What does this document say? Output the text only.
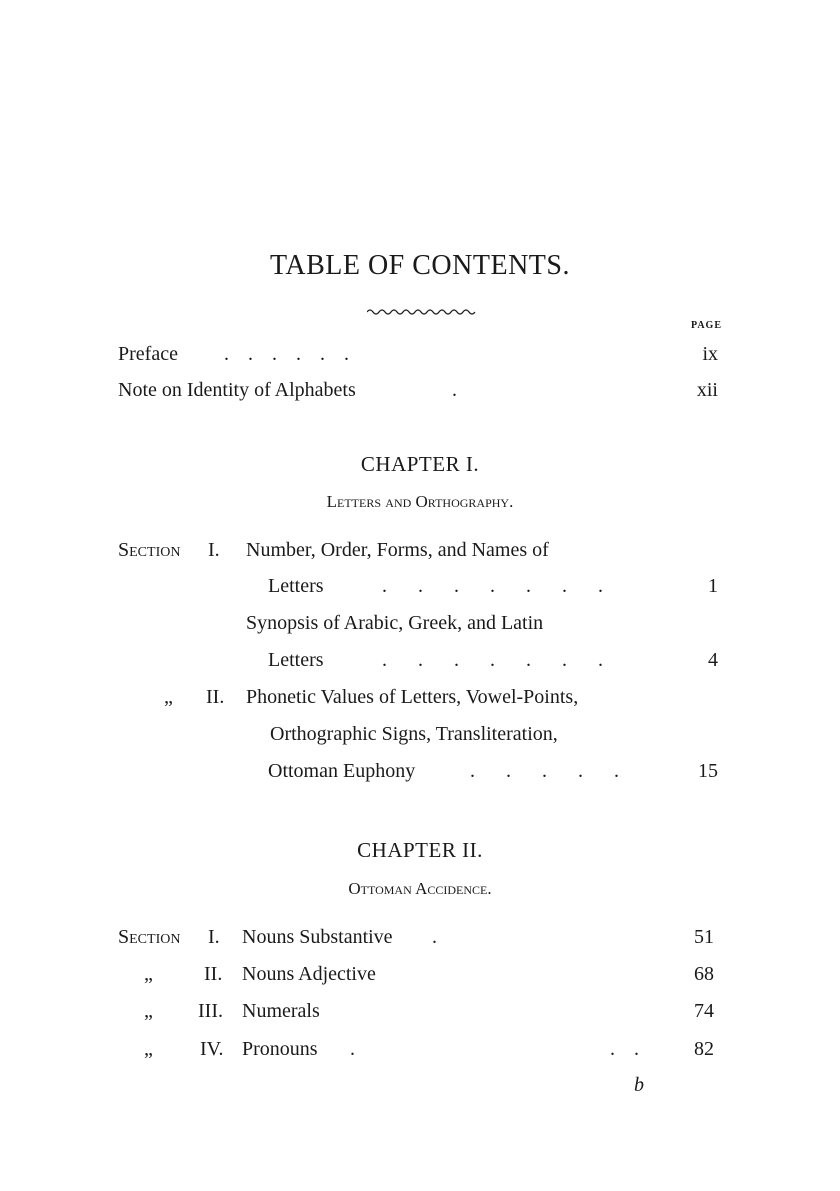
TABLE OF CONTENTS.
PAGE
Preface . . . . . .	ix
Note on Identity of Alphabets	.	xii
CHAPTER I.
Letters and Orthography.
Section I. Number, Order, Forms, and Names of
Letters	. . . . . . .	1
Synopsis of Arabic, Greek, and Latin
Letters	. . . . . . .	4
„ II. Phonetic Values of Letters, Vowel-Points,
Orthographic Signs, Transliteration,
Ottoman Euphony	. . . . .	15
CHAPTER II.
Ottoman Accidence.
Section I. Nouns Substantive .	51
„	II. Nouns Adjective	68
„ III. Numerals	74
„ IV. Pronouns .	. .	82
b
